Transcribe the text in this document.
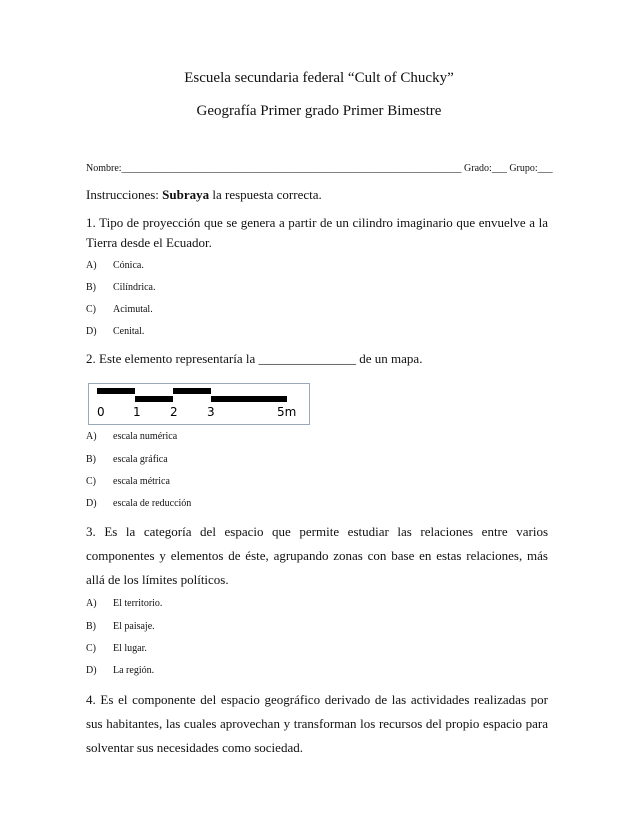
Escuela secundaria federal “Cult of Chucky”
Geografía Primer grado Primer Bimestre
Nombre:____________________________________________________________________ Grado:___ Grupo:___
Instrucciones: Subraya la respuesta correcta.
1. Tipo de proyección que se genera a partir de un cilindro imaginario que envuelve a la Tierra desde el Ecuador.
A) Cónica.
B) Cilíndrica.
C) Acimutal.
D) Cenital.
2. Este elemento representaría la _______________ de un mapa.
0 1 2 3	5m
A) escala numérica
B) escala gráfica
C) escala métrica
D) escala de reducción
3. Es la categoría del espacio que permite estudiar las relaciones entre varios componentes y elementos de éste, agrupando zonas con base en estas relaciones, más allá de los límites políticos.
A) El territorio.
B) El paisaje.
C) El lugar.
D) La región.
4. Es el componente del espacio geográfico derivado de las actividades realizadas por sus habitantes, las cuales aprovechan y transforman los recursos del propio espacio para solventar sus necesidades como sociedad.
